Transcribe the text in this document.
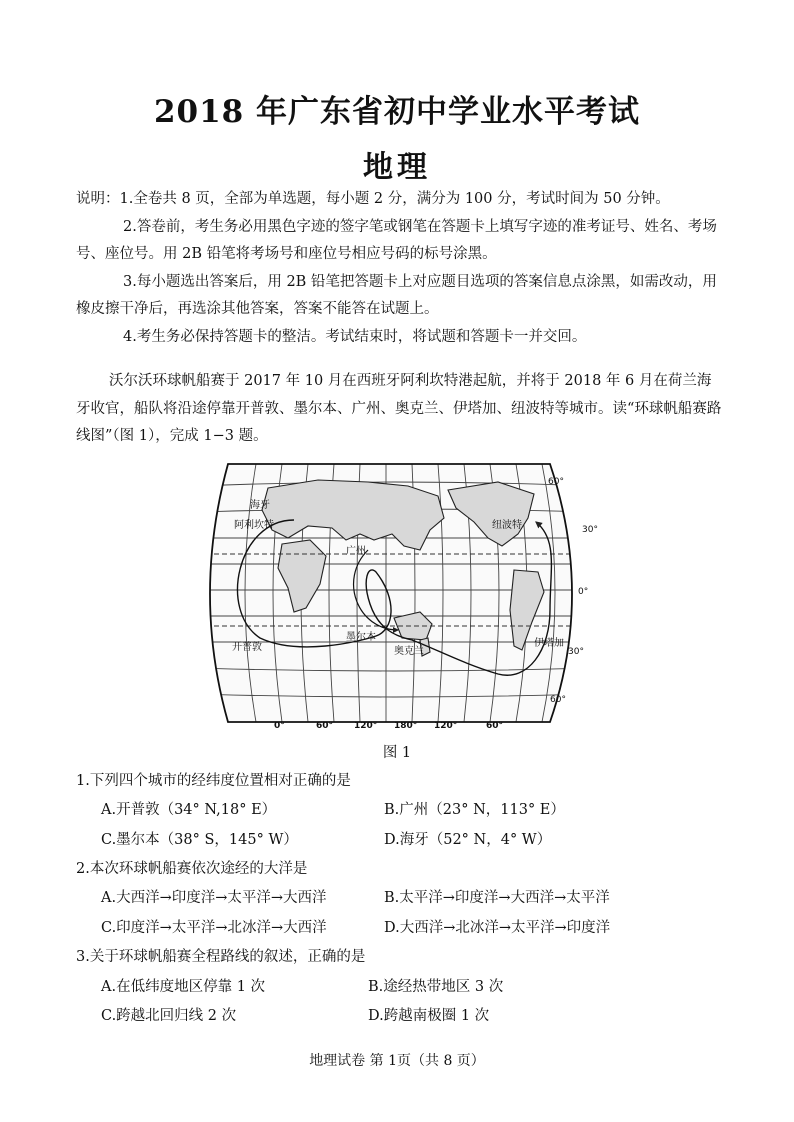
2018 年广东省初中学业水平考试
地理

说明：1.全卷共 8 页，全部为单选题，每小题 2 分，满分为 100 分，考试时间为 50 分钟。

2.答卷前，考生务必用黑色字迹的签字笔或钢笔在答题卡上填写字迹的准考证号、姓名、考场号、座位号。用 2B 铅笔将考场号和座位号相应号码的标号涂黑。

3.每小题选出答案后，用 2B 铅笔把答题卡上对应题目选项的答案信息点涂黑，如需改动，用橡皮擦干净后，再选涂其他答案，答案不能答在试题上。

4.考生务必保持答题卡的整洁。考试结束时，将试题和答题卡一并交回。

沃尔沃环球帆船赛于 2017 年 10 月在西班牙阿利坎特港起航，并将于 2018 年 6 月在荷兰海牙收官，船队将沿途停靠开普敦、墨尔本、广州、奥克兰、伊塔加、纽波特等城市。读“环球帆船赛路线图”（图 1），完成 1−3 题。

海牙
阿利坎特
广州
纽波特
开普敦
墨尔本
奥克兰
伊塔加
60°
30°
0°
30°
60°
0°	60° 120° 180° 120°	60°
图 1
1.下列四个城市的经纬度位置相对正确的是
A.开普敦（34° N,18° E）	B.广州（23° N，113° E）
C.墨尔本（38° S，145° W）	D.海牙（52° N，4° W）
2.本次环球帆船赛依次途经的大洋是
A.大西洋→印度洋→太平洋→大西洋	B.太平洋→印度洋→大西洋→太平洋
C.印度洋→太平洋→北冰洋→大西洋	D.大西洋→北冰洋→太平洋→印度洋
3.关于环球帆船赛全程路线的叙述，正确的是
A.在低纬度地区停靠 1 次	B.途经热带地区 3 次
C.跨越北回归线 2 次	D.跨越南极圈 1 次
地理试卷 第 1页（共 8 页）
